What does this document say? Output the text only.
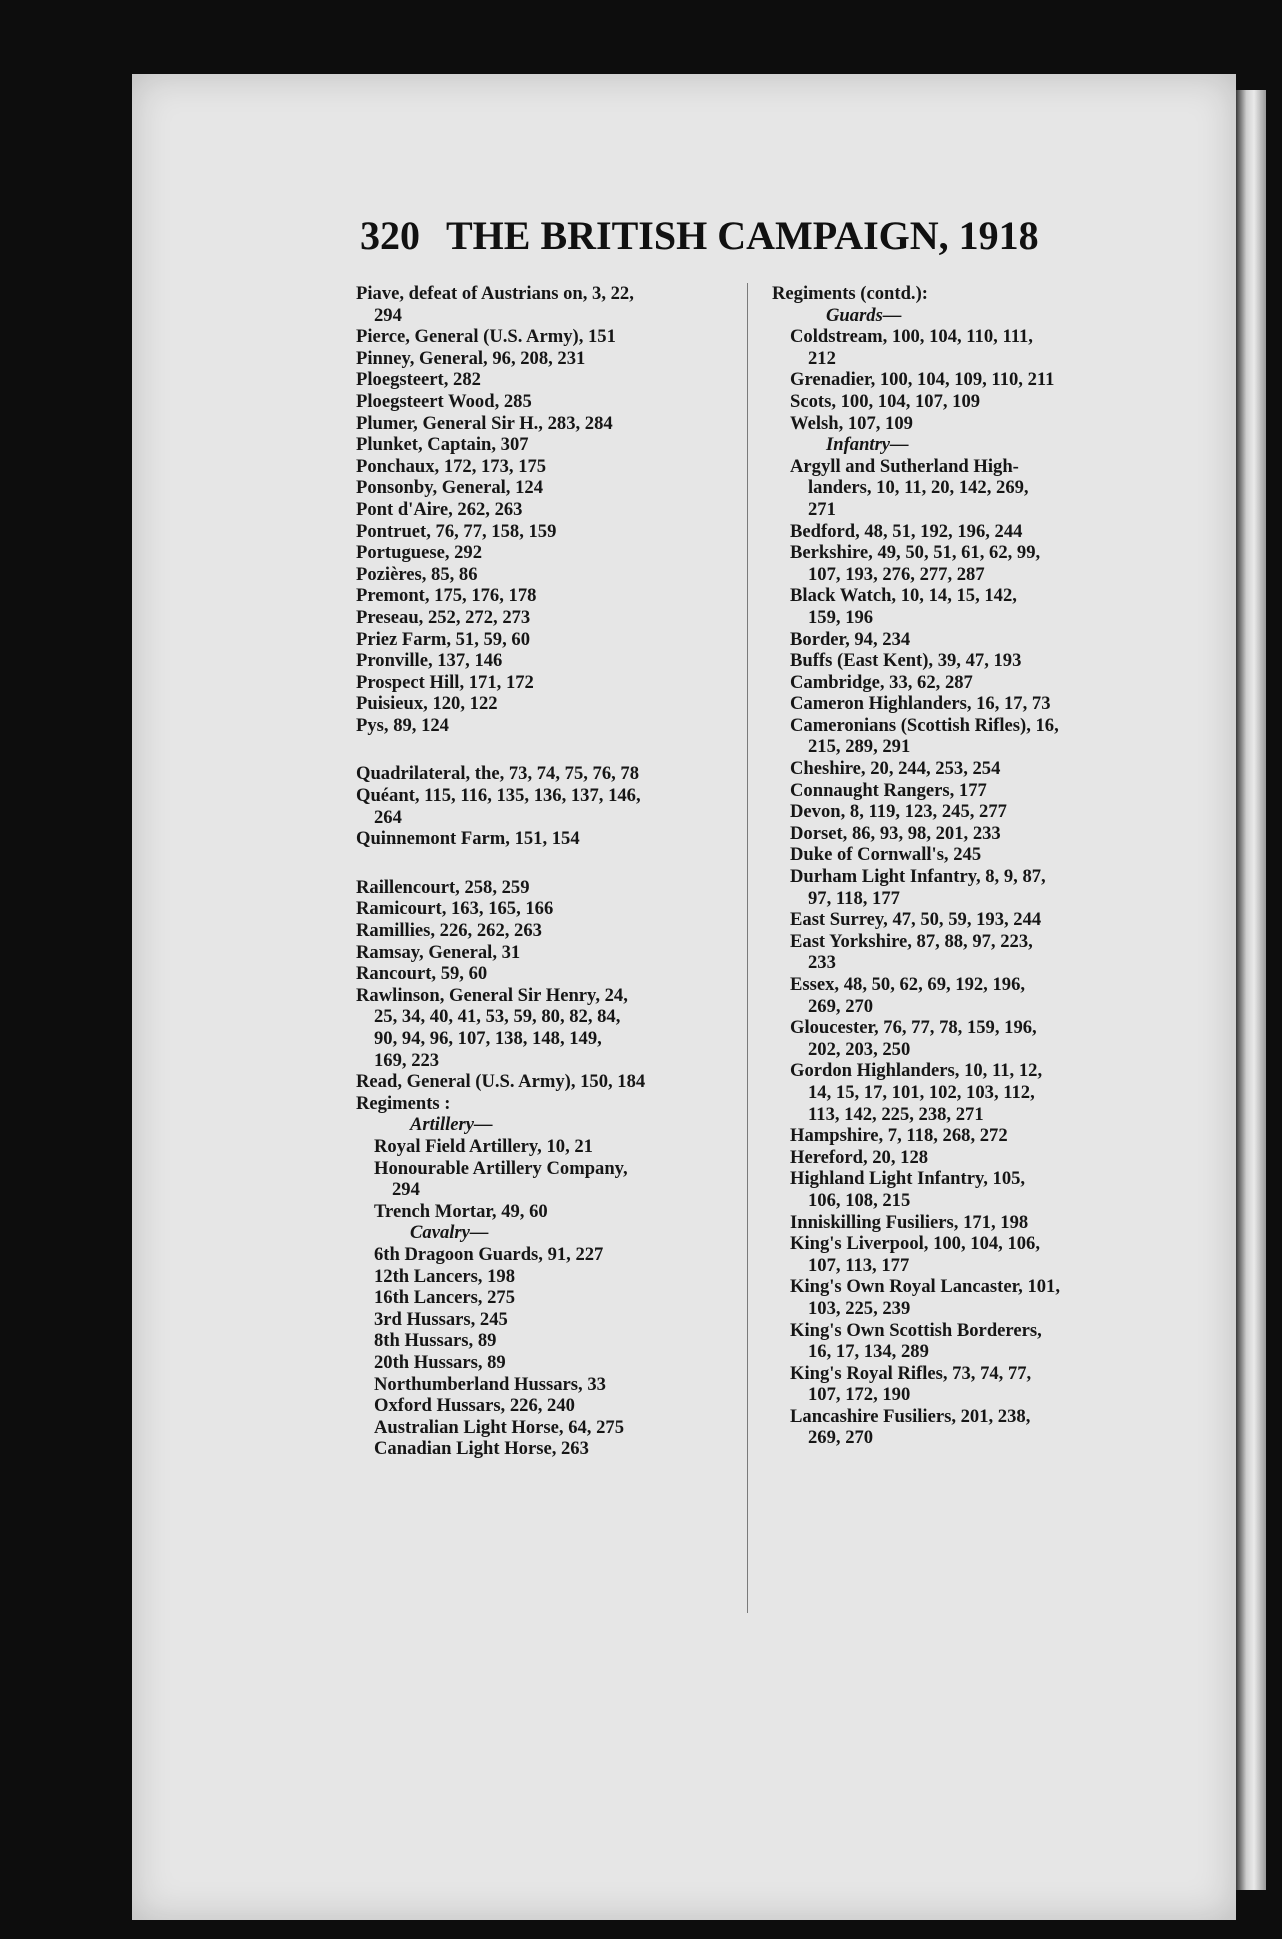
320 THE BRITISH CAMPAIGN, 1918
Piave, defeat of Austrians on, 3, 22,
294
Pierce, General (U.S. Army), 151
Pinney, General, 96, 208, 231
Ploegsteert, 282
Ploegsteert Wood, 285
Plumer, General Sir H., 283, 284
Plunket, Captain, 307
Ponchaux, 172, 173, 175
Ponsonby, General, 124
Pont d'Aire, 262, 263
Pontruet, 76, 77, 158, 159
Portuguese, 292
Pozières, 85, 86
Premont, 175, 176, 178
Preseau, 252, 272, 273
Priez Farm, 51, 59, 60
Pronville, 137, 146
Prospect Hill, 171, 172
Puisieux, 120, 122
Pys, 89, 124
Quadrilateral, the, 73, 74, 75, 76, 78
Quéant, 115, 116, 135, 136, 137, 146,
264
Quinnemont Farm, 151, 154
Raillencourt, 258, 259
Ramicourt, 163, 165, 166
Ramillies, 226, 262, 263
Ramsay, General, 31
Rancourt, 59, 60
Rawlinson, General Sir Henry, 24,
25, 34, 40, 41, 53, 59, 80, 82, 84,
90, 94, 96, 107, 138, 148, 149,
169, 223
Read, General (U.S. Army), 150, 184
Regiments :
Artillery—
Royal Field Artillery, 10, 21
Honourable Artillery Company,
294
Trench Mortar, 49, 60
Cavalry—
6th Dragoon Guards, 91, 227
12th Lancers, 198
16th Lancers, 275
3rd Hussars, 245
8th Hussars, 89
20th Hussars, 89
Northumberland Hussars, 33
Oxford Hussars, 226, 240
Australian Light Horse, 64, 275
Canadian Light Horse, 263
Regiments (contd.):
Guards—
Coldstream, 100, 104, 110, 111,
212
Grenadier, 100, 104, 109, 110, 211
Scots, 100, 104, 107, 109
Welsh, 107, 109
Infantry—
Argyll and Sutherland High-
landers, 10, 11, 20, 142, 269,
271
Bedford, 48, 51, 192, 196, 244
Berkshire, 49, 50, 51, 61, 62, 99,
107, 193, 276, 277, 287
Black Watch, 10, 14, 15, 142,
159, 196
Border, 94, 234
Buffs (East Kent), 39, 47, 193
Cambridge, 33, 62, 287
Cameron Highlanders, 16, 17, 73
Cameronians (Scottish Rifles), 16,
215, 289, 291
Cheshire, 20, 244, 253, 254
Connaught Rangers, 177
Devon, 8, 119, 123, 245, 277
Dorset, 86, 93, 98, 201, 233
Duke of Cornwall's, 245
Durham Light Infantry, 8, 9, 87,
97, 118, 177
East Surrey, 47, 50, 59, 193, 244
East Yorkshire, 87, 88, 97, 223,
233
Essex, 48, 50, 62, 69, 192, 196,
269, 270
Gloucester, 76, 77, 78, 159, 196,
202, 203, 250
Gordon Highlanders, 10, 11, 12,
14, 15, 17, 101, 102, 103, 112,
113, 142, 225, 238, 271
Hampshire, 7, 118, 268, 272
Hereford, 20, 128
Highland Light Infantry, 105,
106, 108, 215
Inniskilling Fusiliers, 171, 198
King's Liverpool, 100, 104, 106,
107, 113, 177
King's Own Royal Lancaster, 101,
103, 225, 239
King's Own Scottish Borderers,
16, 17, 134, 289
King's Royal Rifles, 73, 74, 77,
107, 172, 190
Lancashire Fusiliers, 201, 238,
269, 270
